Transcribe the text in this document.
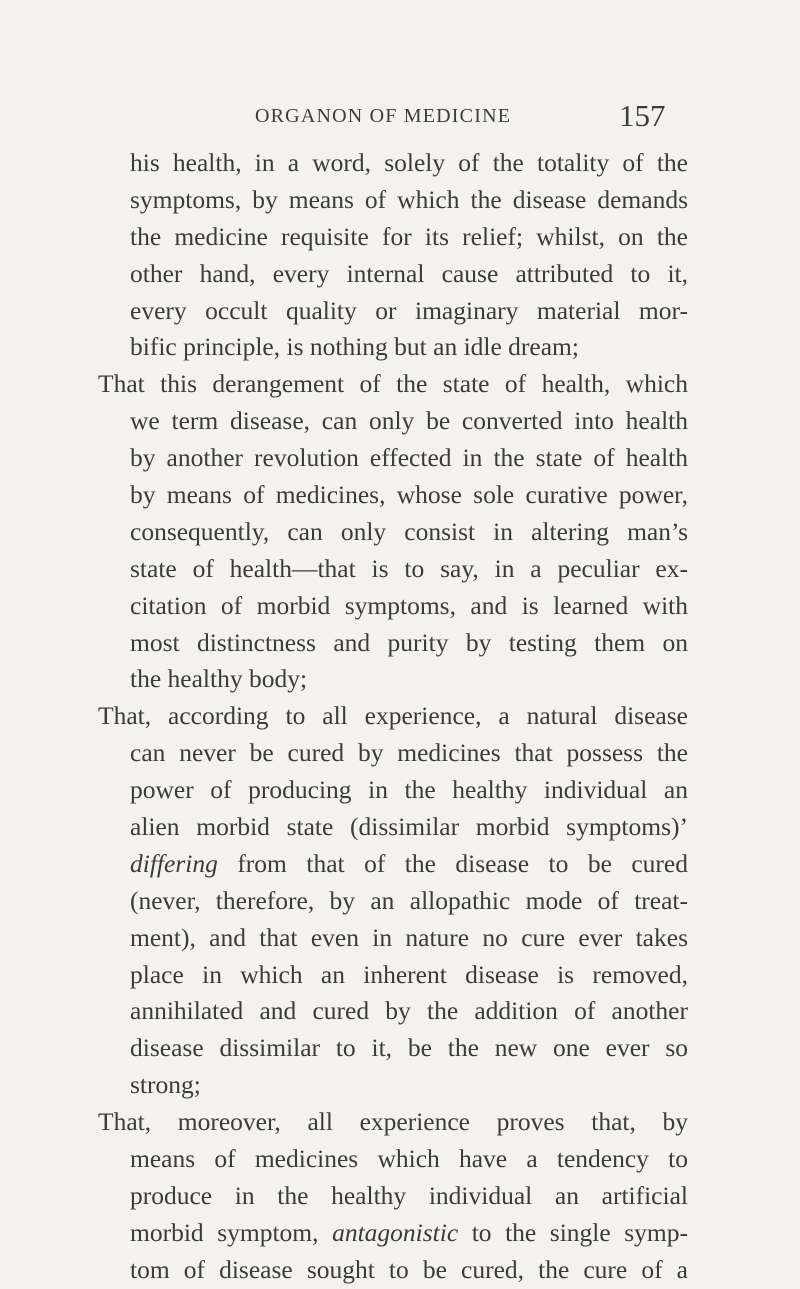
ORGANON OF MEDICINE	157
his health, in a word, solely of the totality of the
symptoms, by means of which the disease demands
the medicine requisite for its relief; whilst, on the
other hand, every internal cause attributed to it,
every occult quality or imaginary material mor-
bific principle, is nothing but an idle dream;
That this derangement of the state of health, which
we term disease, can only be converted into health
by another revolution effected in the state of health
by means of medicines, whose sole curative power,
consequently, can only consist in altering man’s
state of health—that is to say, in a peculiar ex-
citation of morbid symptoms, and is learned with
most distinctness and purity by testing them on
the healthy body;
That, according to all experience, a natural disease
can never be cured by medicines that possess the
power of producing in the healthy individual an
alien morbid state (dissimilar morbid symptoms)’
differing from that of the disease to be cured
(never, therefore, by an allopathic mode of treat-
ment), and that even in nature no cure ever takes
place in which an inherent disease is removed,
annihilated and cured by the addition of another
disease dissimilar to it, be the new one ever so
strong;
That, moreover, all experience proves that, by
means of medicines which have a tendency to
produce in the healthy individual an artificial
morbid symptom, antagonistic to the single symp-
tom of disease sought to be cured, the cure of a
